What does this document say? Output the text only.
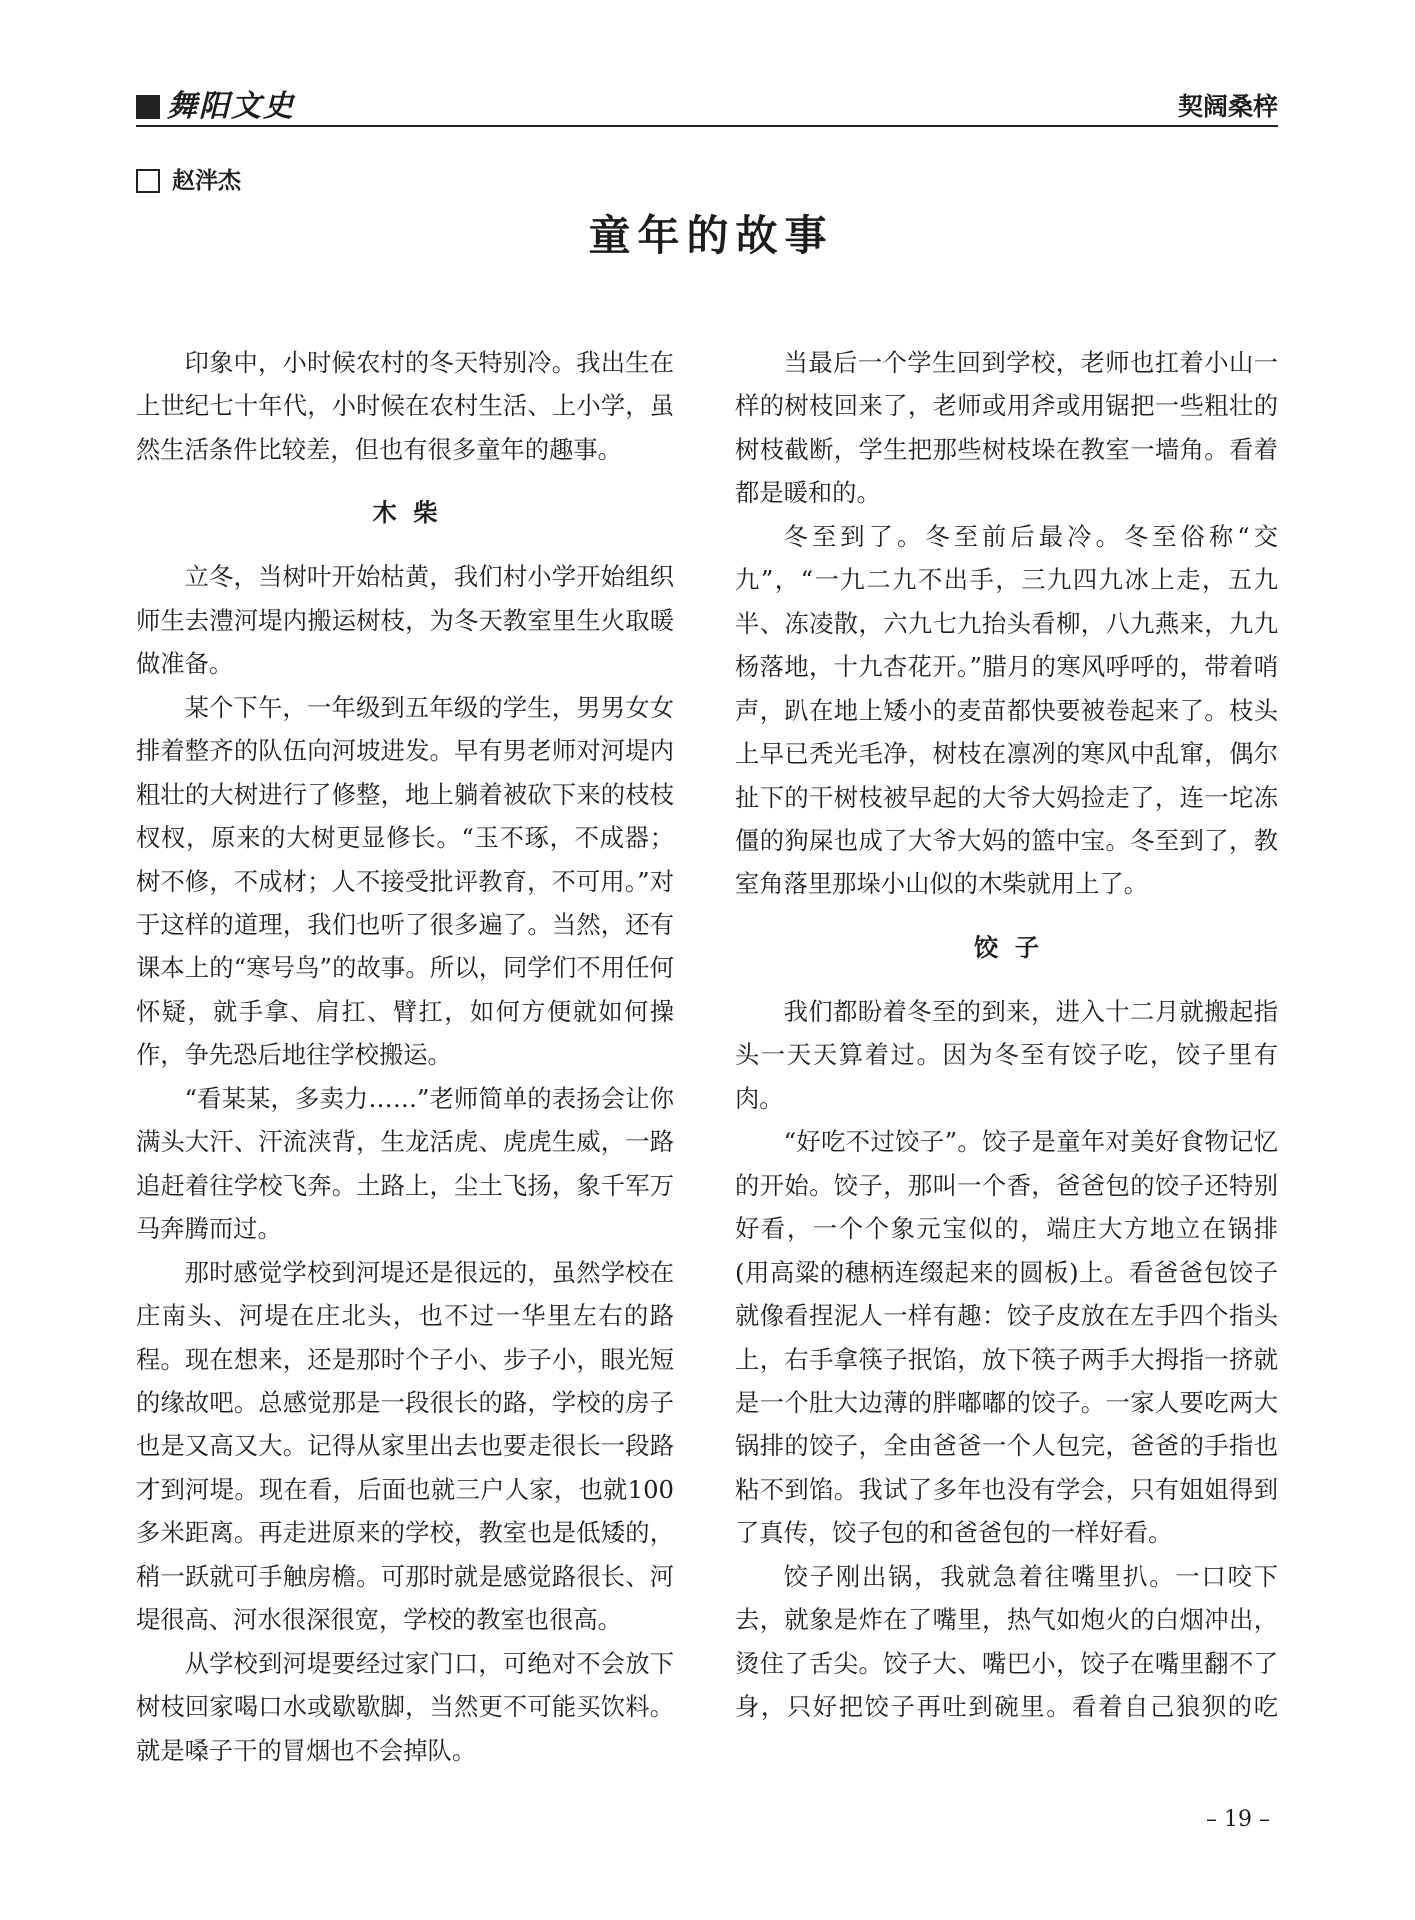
舞阳文史	契阔桑梓
赵泮杰
童年的故事

印象中，小时候农村的冬天特别冷。我出生在上世纪七十年代，小时候在农村生活、上小学，虽然生活条件比较差，但也有很多童年的趣事。

木 柴

立冬，当树叶开始枯黄，我们村小学开始组织师生去澧河堤内搬运树枝，为冬天教室里生火取暖做准备。

某个下午，一年级到五年级的学生，男男女女排着整齐的队伍向河坡进发。早有男老师对河堤内粗壮的大树进行了修整，地上躺着被砍下来的枝枝杈杈，原来的大树更显修长。“玉不琢，不成器；树不修，不成材；人不接受批评教育，不可用。”对于这样的道理，我们也听了很多遍了。当然，还有课本上的“寒号鸟”的故事。所以，同学们不用任何怀疑，就手拿、肩扛、臂扛，如何方便就如何操作，争先恐后地往学校搬运。

“看某某，多卖力……”老师简单的表扬会让你满头大汗、汗流浃背，生龙活虎、虎虎生威，一路追赶着往学校飞奔。土路上，尘土飞扬，象千军万马奔腾而过。

那时感觉学校到河堤还是很远的，虽然学校在庄南头、河堤在庄北头，也不过一华里左右的路程。现在想来，还是那时个子小、步子小，眼光短的缘故吧。总感觉那是一段很长的路，学校的房子也是又高又大。记得从家里出去也要走很长一段路才到河堤。现在看，后面也就三户人家，也就100多米距离。再走进原来的学校，教室也是低矮的，稍一跃就可手触房檐。可那时就是感觉路很长、河堤很高、河水很深很宽，学校的教室也很高。

从学校到河堤要经过家门口，可绝对不会放下树枝回家喝口水或歇歇脚，当然更不可能买饮料。就是嗓子干的冒烟也不会掉队。

当最后一个学生回到学校，老师也扛着小山一样的树枝回来了，老师或用斧或用锯把一些粗壮的树枝截断，学生把那些树枝垛在教室一墙角。看着都是暖和的。

冬至到了。冬至前后最冷。冬至俗称“交九”，“一九二九不出手，三九四九冰上走，五九半、冻凌散，六九七九抬头看柳，八九燕来，九九杨落地，十九杏花开。”腊月的寒风呼呼的，带着哨声，趴在地上矮小的麦苗都快要被卷起来了。枝头上早已秃光毛净，树枝在凛冽的寒风中乱窜，偶尔扯下的干树枝被早起的大爷大妈捡走了，连一坨冻僵的狗屎也成了大爷大妈的篮中宝。冬至到了，教室角落里那垛小山似的木柴就用上了。

饺 子

我们都盼着冬至的到来，进入十二月就搬起指头一天天算着过。因为冬至有饺子吃，饺子里有肉。

“好吃不过饺子”。饺子是童年对美好食物记忆的开始。饺子，那叫一个香，爸爸包的饺子还特别好看，一个个象元宝似的，端庄大方地立在锅排(用高粱的穗柄连缀起来的圆板)上。看爸爸包饺子就像看捏泥人一样有趣：饺子皮放在左手四个指头上，右手拿筷子抿馅，放下筷子两手大拇指一挤就是一个肚大边薄的胖嘟嘟的饺子。一家人要吃两大锅排的饺子，全由爸爸一个人包完，爸爸的手指也粘不到馅。我试了多年也没有学会，只有姐姐得到了真传，饺子包的和爸爸包的一样好看。

饺子刚出锅，我就急着往嘴里扒。一口咬下去，就象是炸在了嘴里，热气如炮火的白烟冲出，烫住了舌尖。饺子大、嘴巴小，饺子在嘴里翻不了身，只好把饺子再吐到碗里。看着自己狼狈的吃

– 19 –
